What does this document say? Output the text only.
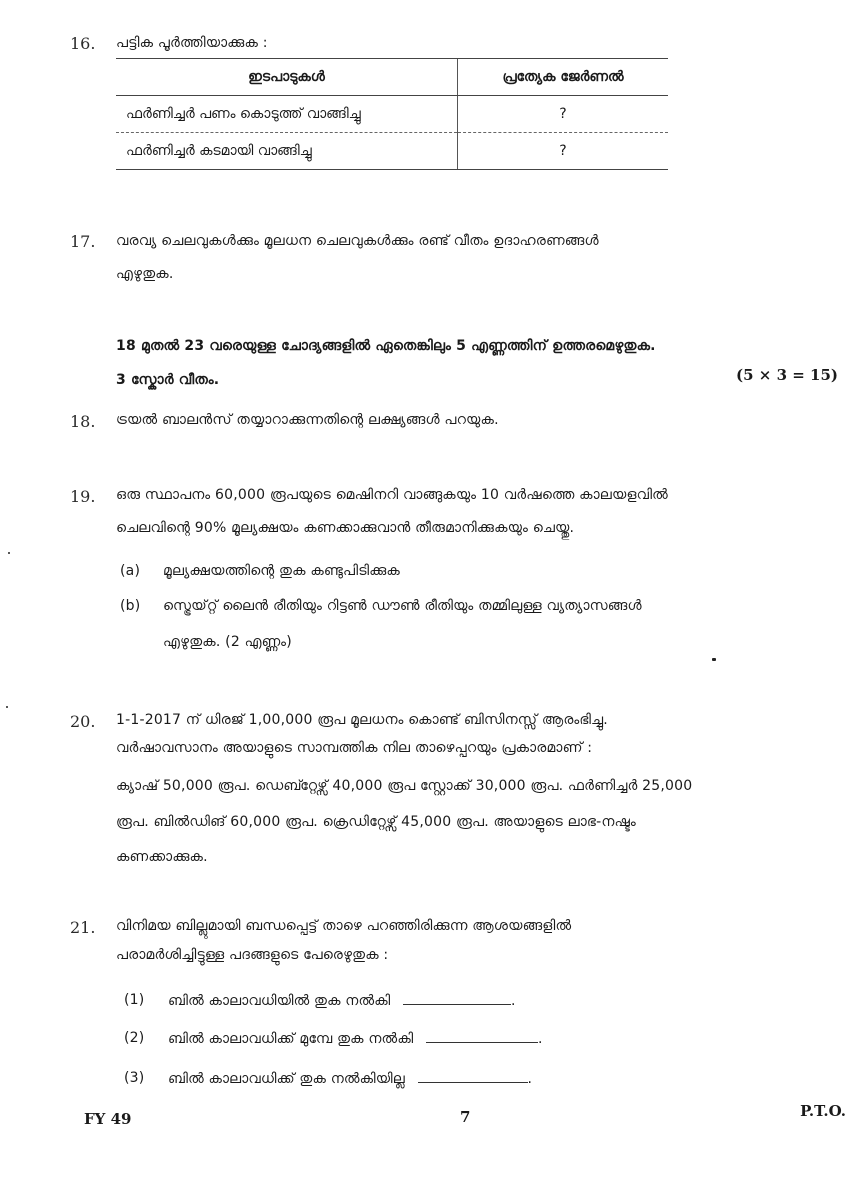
16. പട്ടിക പൂർത്തിയാക്കുക :
ഇടപാടുകൾ	പ്രത്യേക ജേർണൽ
ഫർണിച്ചർ പണം കൊടുത്ത് വാങ്ങിച്ചു	?
ഫർണിച്ചർ കടമായി വാങ്ങിച്ചു	?
17. വരവ്യ ചെലവുകൾക്കും മൂലധന ചെലവുകൾക്കും രണ്ട് വീതം ഉദാഹരണങ്ങൾ
എഴുതുക.
18 മുതൽ 23 വരെയുള്ള ചോദ്യങ്ങളിൽ ഏതെങ്കിലും 5 എണ്ണത്തിന് ഉത്തരമെഴുതുക.
3 സ്കോർ വീതം.	(5 × 3 = 15)
18. ട്രയൽ ബാലൻസ് തയ്യാറാക്കുന്നതിന്റെ ലക്ഷ്യങ്ങൾ പറയുക.
19. ഒരു സ്ഥാപനം 60,000 രൂപയുടെ മെഷിനറി വാങ്ങുകയും 10 വർഷത്തെ കാലയളവിൽ
ചെലവിന്റെ 90% മൂല്യക്ഷയം കണക്കാക്കുവാൻ തീരുമാനിക്കുകയും ചെയ്തു.
(a) മൂല്യക്ഷയത്തിന്റെ തുക കണ്ടുപിടിക്കുക
(b) സ്ട്രെയ്റ്റ് ലൈൻ രീതിയും റിട്ടൺ ഡൗൺ രീതിയും തമ്മിലുള്ള വ്യത്യാസങ്ങൾ
എഴുതുക. (2 എണ്ണം)
20. 1-1-2017 ന് ധിരജ് 1,00,000 രൂപ മൂലധനം കൊണ്ട് ബിസിനസ്സ് ആരംഭിച്ചു.
വർഷാവസാനം അയാളുടെ സാമ്പത്തിക നില താഴെപ്പറയും പ്രകാരമാണ് :
ക്യാഷ് 50,000 രൂപ. ഡെബ്റ്റേഴ്സ് 40,000 രൂപ സ്റ്റോക്ക് 30,000 രൂപ. ഫർണിച്ചർ 25,000
രൂപ. ബിൽഡിങ് 60,000 രൂപ. ക്രെഡിറ്റേഴ്സ് 45,000 രൂപ. അയാളുടെ ലാഭ-നഷ്ടം
കണക്കാക്കുക.
21. വിനിമയ ബില്ലുമായി ബന്ധപ്പെട്ട് താഴെ പറഞ്ഞിരിക്കുന്ന ആശയങ്ങളിൽ
പരാമർശിച്ചിട്ടുള്ള പദങ്ങളുടെ പേരെഴുതുക :
(1) ബിൽ കാലാവധിയിൽ തുക നൽകി	.
(2) ബിൽ കാലാവധിക്ക് മുമ്പേ തുക നൽകി	.
(3) ബിൽ കാലാവധിക്ക് തുക നൽകിയില്ല	.
FY 49	7	P.T.O.
